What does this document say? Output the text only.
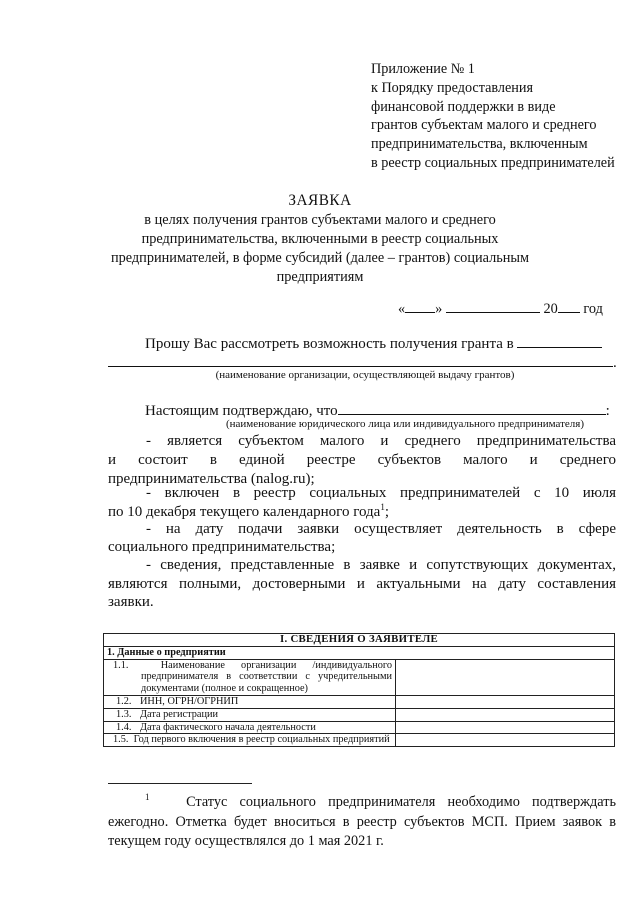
Приложение № 1
к Порядку предоставления
финансовой поддержки в виде
грантов субъектам малого и среднего
предпринимательства, включенным
в реестр социальных предпринимателей
ЗАЯВКА
в целях получения грантов субъектами малого и среднего
предпринимательства, включенными в реестр социальных
предпринимателей, в форме субсидий (далее – грантов) социальным
предприятиям
« »	20 год
Прошу Вас рассмотреть возможность получения гранта в
.
(наименование организации, осуществляющей выдачу грантов)
Настоящим подтверждаю, что	:
(наименование юридического лица или индивидуального предпринимателя)
- является субъектом малого и среднего предпринимательства
и состоит в единой реестре субъектов малого и среднего
предпринимательства (nalog.ru);
- включен в реестр социальных предпринимателей с 10 июля
по 10 декабря текущего календарного года$^1$;
- на дату подачи заявки осуществляет деятельность в сфере
социального предпринимательства;
- сведения, представленные в заявке и сопутствующих документах,
являются полными, достоверными и актуальными на дату составления
заявки.
I. СВЕДЕНИЯ О ЗАЯВИТЕЛЕ	
1. Данные о предприятии	
1.1. Наименование организации /индивидуального предпринимателя в соответствии с учредительными документами (полное и сокращенное)	
1.2. ИНН, ОГРН/ОГРНИП	
1.3. Дата регистрации	
1.4. Дата фактического начала деятельности	
1.5. Год первого включения в реестр социальных предприятий	
$^1$	Статус социального предпринимателя необходимо подтверждать ежегодно. Отметка будет вноситься в реестр субъектов МСП. Прием заявок в текущем году осуществлялся до 1 мая 2021 г.
